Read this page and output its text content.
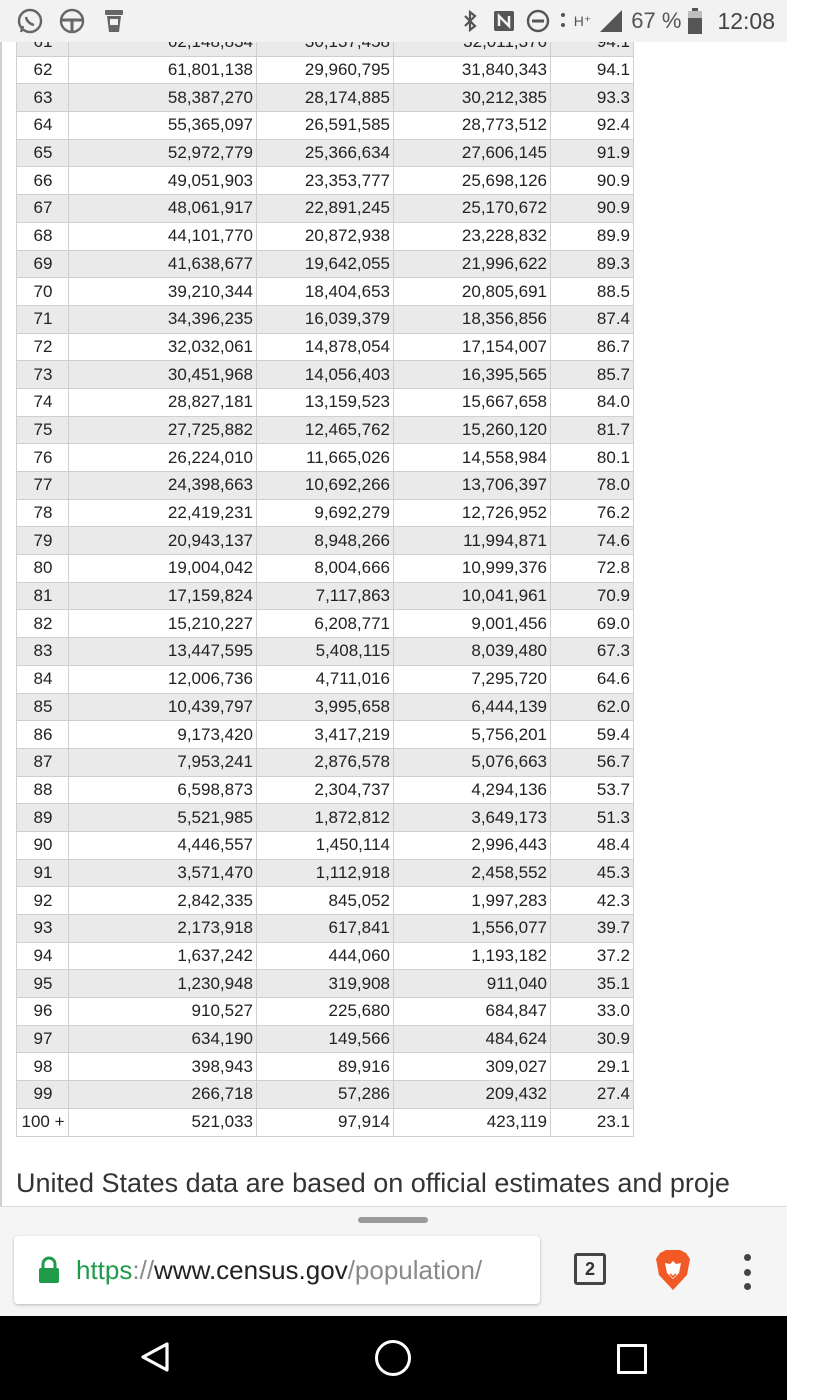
H⁺ 67 % 12:08

62	61,801,138	29,960,795	31,840,343	94.1
63	58,387,270	28,174,885	30,212,385	93.3
64	55,365,097	26,591,585	28,773,512	92.4
65	52,972,779	25,366,634	27,606,145	91.9
66	49,051,903	23,353,777	25,698,126	90.9
67	48,061,917	22,891,245	25,170,672	90.9
68	44,101,770	20,872,938	23,228,832	89.9
69	41,638,677	19,642,055	21,996,622	89.3
70	39,210,344	18,404,653	20,805,691	88.5
71	34,396,235	16,039,379	18,356,856	87.4
72	32,032,061	14,878,054	17,154,007	86.7
73	30,451,968	14,056,403	16,395,565	85.7
74	28,827,181	13,159,523	15,667,658	84.0
75	27,725,882	12,465,762	15,260,120	81.7
76	26,224,010	11,665,026	14,558,984	80.1
77	24,398,663	10,692,266	13,706,397	78.0
78	22,419,231	9,692,279	12,726,952	76.2
79	20,943,137	8,948,266	11,994,871	74.6
80	19,004,042	8,004,666	10,999,376	72.8
81	17,159,824	7,117,863	10,041,961	70.9
82	15,210,227	6,208,771	9,001,456	69.0
83	13,447,595	5,408,115	8,039,480	67.3
84	12,006,736	4,711,016	7,295,720	64.6
85	10,439,797	3,995,658	6,444,139	62.0
86	9,173,420	3,417,219	5,756,201	59.4
87	7,953,241	2,876,578	5,076,663	56.7
88	6,598,873	2,304,737	4,294,136	53.7
89	5,521,985	1,872,812	3,649,173	51.3
90	4,446,557	1,450,114	2,996,443	48.4
91	3,571,470	1,112,918	2,458,552	45.3
92	2,842,335	845,052	1,997,283	42.3
93	2,173,918	617,841	1,556,077	39.7
94	1,637,242	444,060	1,193,182	37.2
95	1,230,948	319,908	911,040	35.1
96	910,527	225,680	684,847	33.0
97	634,190	149,566	484,624	30.9
98	398,943	89,916	309,027	29.1
99	266,718	57,286	209,432	27.4
100 +	521,033	97,914	423,119	23.1
United States data are based on official estimates and proje
https://www.census.gov/population/	2
